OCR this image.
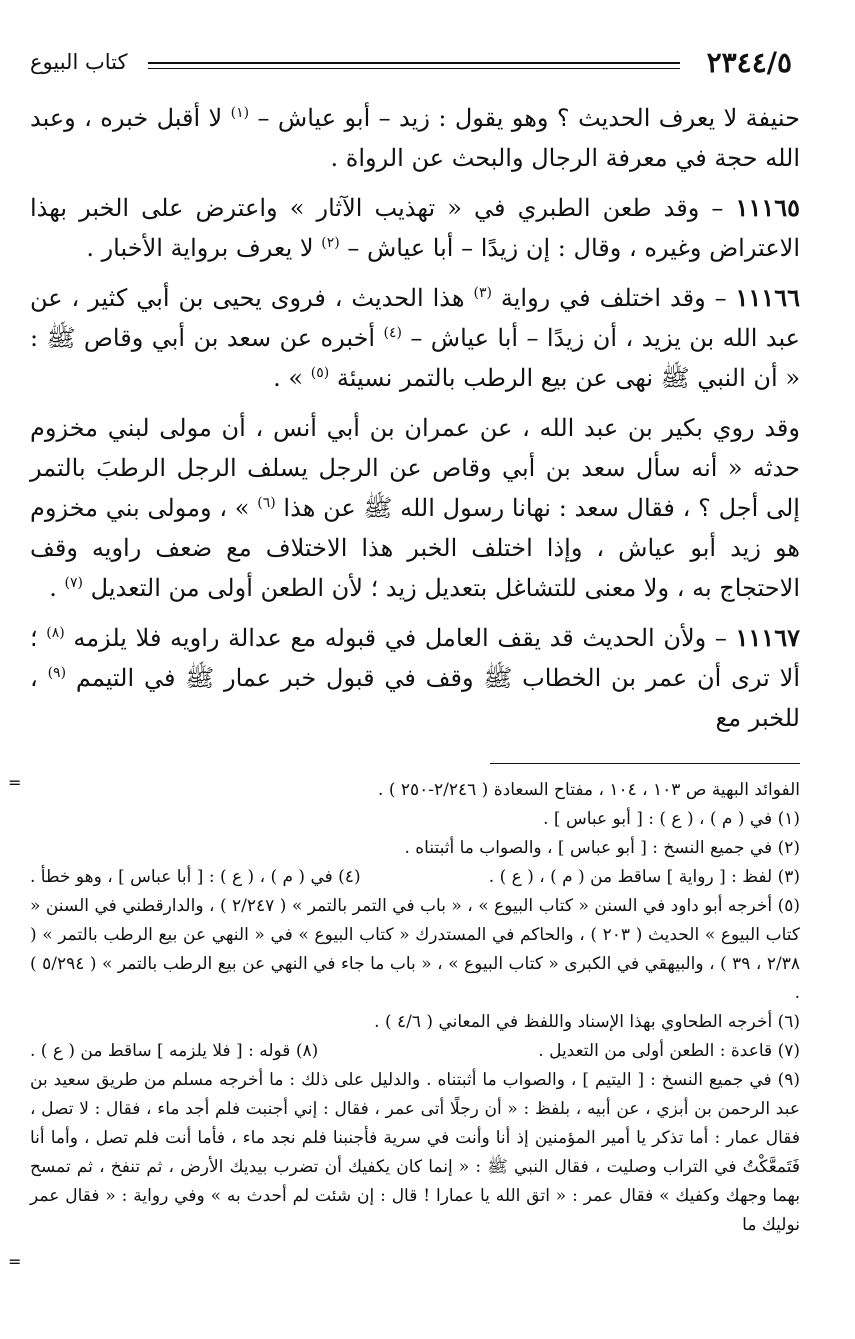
٢٣٤٤/٥
كتاب البيوع

حنيفة لا يعرف الحديث ؟ وهو يقول : زيد – أبو عياش – $^{(١)}$ لا أقبل خبره ، وعبد الله حجة في معرفة الرجال والبحث عن الرواة .

١١١٦٥ – وقد طعن الطبري في « تهذيب الآثار » واعترض على الخبر بهذا الاعتراض وغيره ، وقال : إن زيدًا – أبا عياش – $^{(٢)}$ لا يعرف برواية الأخبار .

١١١٦٦ – وقد اختلف في رواية $^{(٣)}$ هذا الحديث ، فروى يحيى بن أبي كثير ، عن عبد الله بن يزيد ، أن زيدًا – أبا عياش – $^{(٤)}$ أخبره عن سعد بن أبي وقاص ﷺ : « أن النبي ﷺ نهى عن بيع الرطب بالتمر نسيئة $^{(٥)}$ » .

وقد روي بكير بن عبد الله ، عن عمران بن أبي أنس ، أن مولى لبني مخزوم حدثه « أنه سأل سعد بن أبي وقاص عن الرجل يسلف الرجل الرطبَ بالتمر إلى أجل ؟ ، فقال سعد : نهانا رسول الله ﷺ عن هذا $^{(٦)}$ » ، ومولى بني مخزوم هو زيد أبو عياش ، وإذا اختلف الخبر هذا الاختلاف مع ضعف راويه وقف الاحتجاج به ، ولا معنى للتشاغل بتعديل زيد ؛ لأن الطعن أولى من التعديل $^{(٧)}$ .

١١١٦٧ – ولأن الحديث قد يقف العامل في قبوله مع عدالة راويه فلا يلزمه $^{(٨)}$ ؛ ألا ترى أن عمر بن الخطاب ﷺ وقف في قبول خبر عمار ﷺ في التيمم $^{(٩)}$ ، للخبر مع

=	الفوائد البهية ص ١٠٣ ، ١٠٤ ، مفتاح السعادة ( ٢/٢٤٦-٢٥٠ ) .

(١) في ( م ) ، ( ع ) : [ أبو عباس ] .

(٢) في جميع النسخ : [ أبو عباس ] ، والصواب ما أثبتناه .

(٣) لفظ : [ رواية ] ساقط من ( م ) ، ( ع ) .
(٤) في ( م ) ، ( ع ) : [ أبا عباس ] ، وهو خطأ .

(٥) أخرجه أبو داود في السنن « كتاب البيوع » ، « باب في التمر بالتمر » ( ٢/٢٤٧ ) ، والدارقطني في السنن « كتاب البيوع » الحديث ( ٢٠٣ ) ، والحاكم في المستدرك « كتاب البيوع » في « النهي عن بيع الرطب بالتمر » ( ٢/٣٨ ، ٣٩ ) ، والبيهقي في الكبرى « كتاب البيوع » ، « باب ما جاء في النهي عن بيع الرطب بالتمر » ( ٥/٢٩٤ ) .

(٦) أخرجه الطحاوي بهذا الإسناد واللفظ في المعاني ( ٤/٦ ) .

(٧) قاعدة : الطعن أولى من التعديل .
(٨) قوله : [ فلا يلزمه ] ساقط من ( ع ) .

(٩) في جميع النسخ : [ اليتيم ] ، والصواب ما أثبتناه . والدليل على ذلك : ما أخرجه مسلم من طريق سعيد بن عبد الرحمن بن أبزي ، عن أبيه ، بلفظ : « أن رجلًا أتى عمر ، فقال : إني أجنبت فلم أجد ماء ، فقال : لا تصل ، فقال عمار : أما تذكر يا أمير المؤمنين إذ أنا وأنت في سرية فأجنبنا فلم نجد ماء ، فأما أنت فلم تصل ، وأما أنا فَتَمعَّكْتُ في التراب وصليت ، فقال النبي ﷺ : « إنما كان يكفيك أن تضرب بيديك الأرض ، ثم تنفخ ، ثم تمسح بهما وجهك وكفيك » فقال عمر : « اتق الله يا عمارا ! قال : إن شئت لم أحدث به » وفي رواية : « فقال عمر نوليك ما

=
